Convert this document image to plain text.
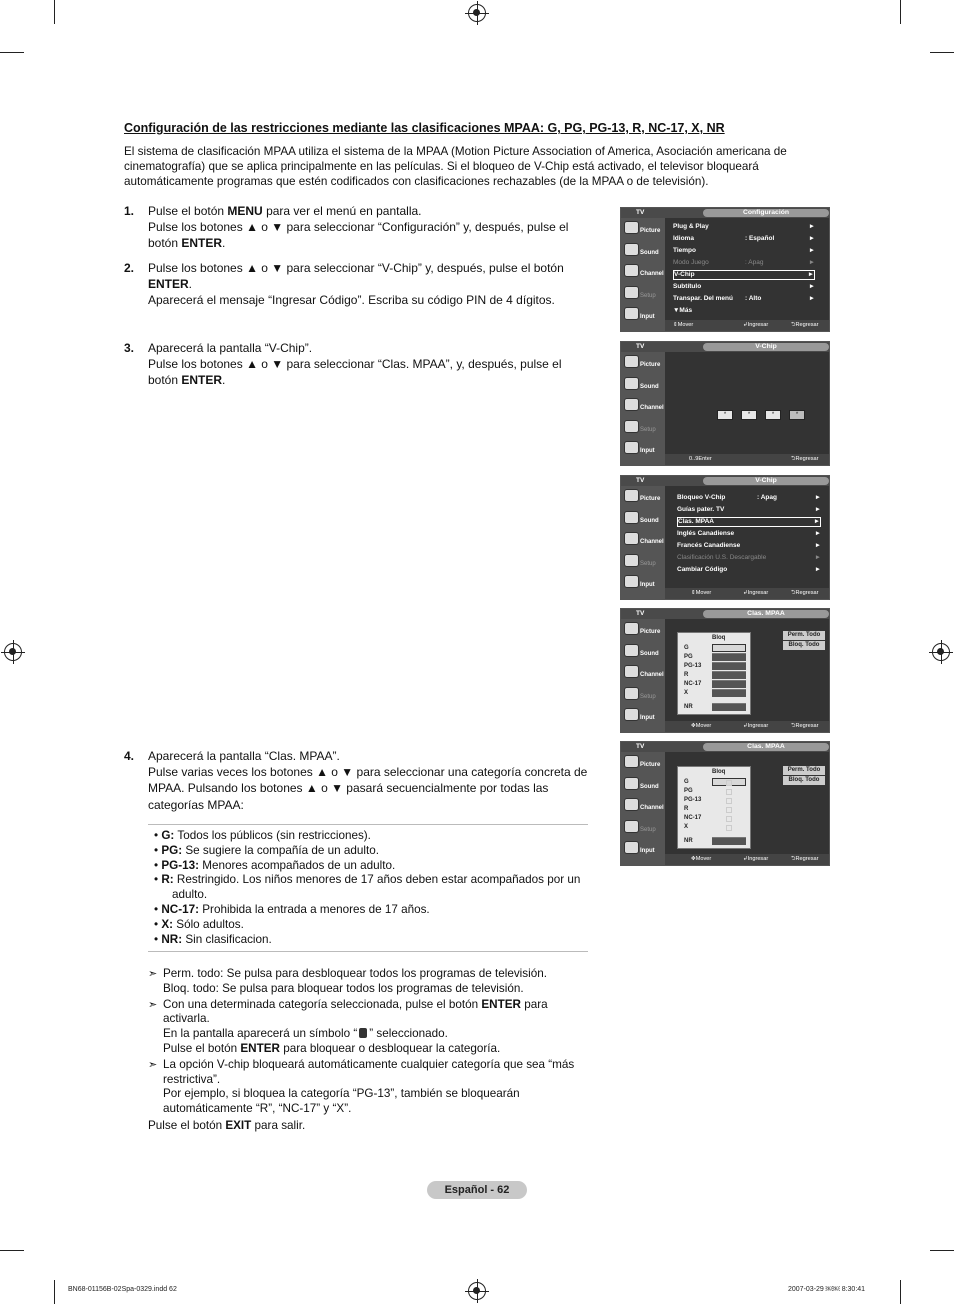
Configuración de las restricciones mediante las clasificaciones MPAA: G, PG, PG-13, R, NC-17, X, NR

El sistema de clasificación MPAA utiliza el sistema de la MPAA (Motion Picture Association of America, Asociación americana de cinematografía) que se aplica principalmente en las películas. Si el bloqueo de V-Chip está activado, el televisor bloqueará automáticamente programas que estén codificados con clasificaciones rechazables (de la MPAA o de televisión).

1.	Pulse el botón MENU para ver el menú en pantalla.

Pulse los botones ▲ o ▼ para seleccionar “Configuración” y, después, pulse el botón ENTER.

2.	Pulse los botones ▲ o ▼ para seleccionar “V-Chip” y, después, pulse el botón ENTER.

Aparecerá el mensaje “Ingresar Código”. Escriba su código PIN de 4 dígitos.

3.	Aparecerá la pantalla “V-Chip”.

Pulse los botones ▲ o ▼ para seleccionar “Clas. MPAA”, y, después, pulse el botón ENTER.

4.	Aparecerá la pantalla “Clas. MPAA”.

Pulse varias veces los botones ▲ o ▼ para seleccionar una categoría concreta de MPAA. Pulsando los botones ▲ o ▼ pasará secuencialmente por todas las categorías MPAA:

• G: Todos los públicos (sin restricciones).
• PG: Se sugiere la compañía de un adulto.
• PG-13: Menores acompañados de un adulto.
• R: Restringido. Los niños menores de 17 años deben estar acompañados por un adulto.
• NC-17: Prohibida la entrada a menores de 17 años.
• X: Sólo adultos.
• NR: Sin clasificacion.
➣ Perm. todo: Se pulsa para desbloquear todos los programas de televisión.

Bloq. todo: Se pulsa para bloquear todos los programas de televisión.

➣ Con una determinada categoría seleccionada, pulse el botón ENTER para activarla.

En la pantalla aparecerá un símbolo “ ” seleccionado.

Pulse el botón ENTER para bloquear o desbloquear la categoría.

➣ La opción V-chip bloqueará automáticamente cualquier categoría que sea “más restrictiva”.

Por ejemplo, si bloquea la categoría “PG-13”, también se bloquearán automáticamente “R”, “NC-17” y “X”.

Pulse el botón EXIT para salir.

Español - 62
BN68-01156B-02Spa-0329.indd 62	2007-03-29 ￼￼ 8:30:41
TV	Configuración
Picture
Sound
Channel
Setup
Input
Plug & Play	►
Idioma	: Español	►
Tiempo	►
Modo Juego	: Apag	►
V-Chip	►
Subtítulo	►
Transpar. Del menú : Alto	►
▼Más
⇕ Mover	↲ Ingresar	⮌ Regresar
TV	V-Chip
Picture
Sound
Channel
Setup
Input
*	*	*	*
0..9 Enter PIN
⮌ Regresar
TV	V-Chip
Picture
Sound
Channel
Setup
Input
Bloqueo V-Chip	: Apag	►
Guías pater. TV	►
Clas. MPAA	►
Inglés Canadiense	►
Francés Canadiense	►
Clasificación U.S. Descargable	►
Cambiar Código	►
⇕ Mover	↲ Ingresar	⮌ Regresar
TV	Clas. MPAA
Picture
Sound
Channel
Setup
Input
Bloq
G
PG
PG-13
R
NC-17
X
NR
Perm. Todo
Bloq. Todo
✥ Mover	↲ Ingresar	⮌ Regresar
TV	Clas. MPAA
Picture
Sound
Channel
Setup
Input
Bloq
G
PG
PG-13
R
NC-17
X
NR
Perm. Todo
Bloq. Todo
✥ Mover	↲ Ingresar	⮌ Regresar
